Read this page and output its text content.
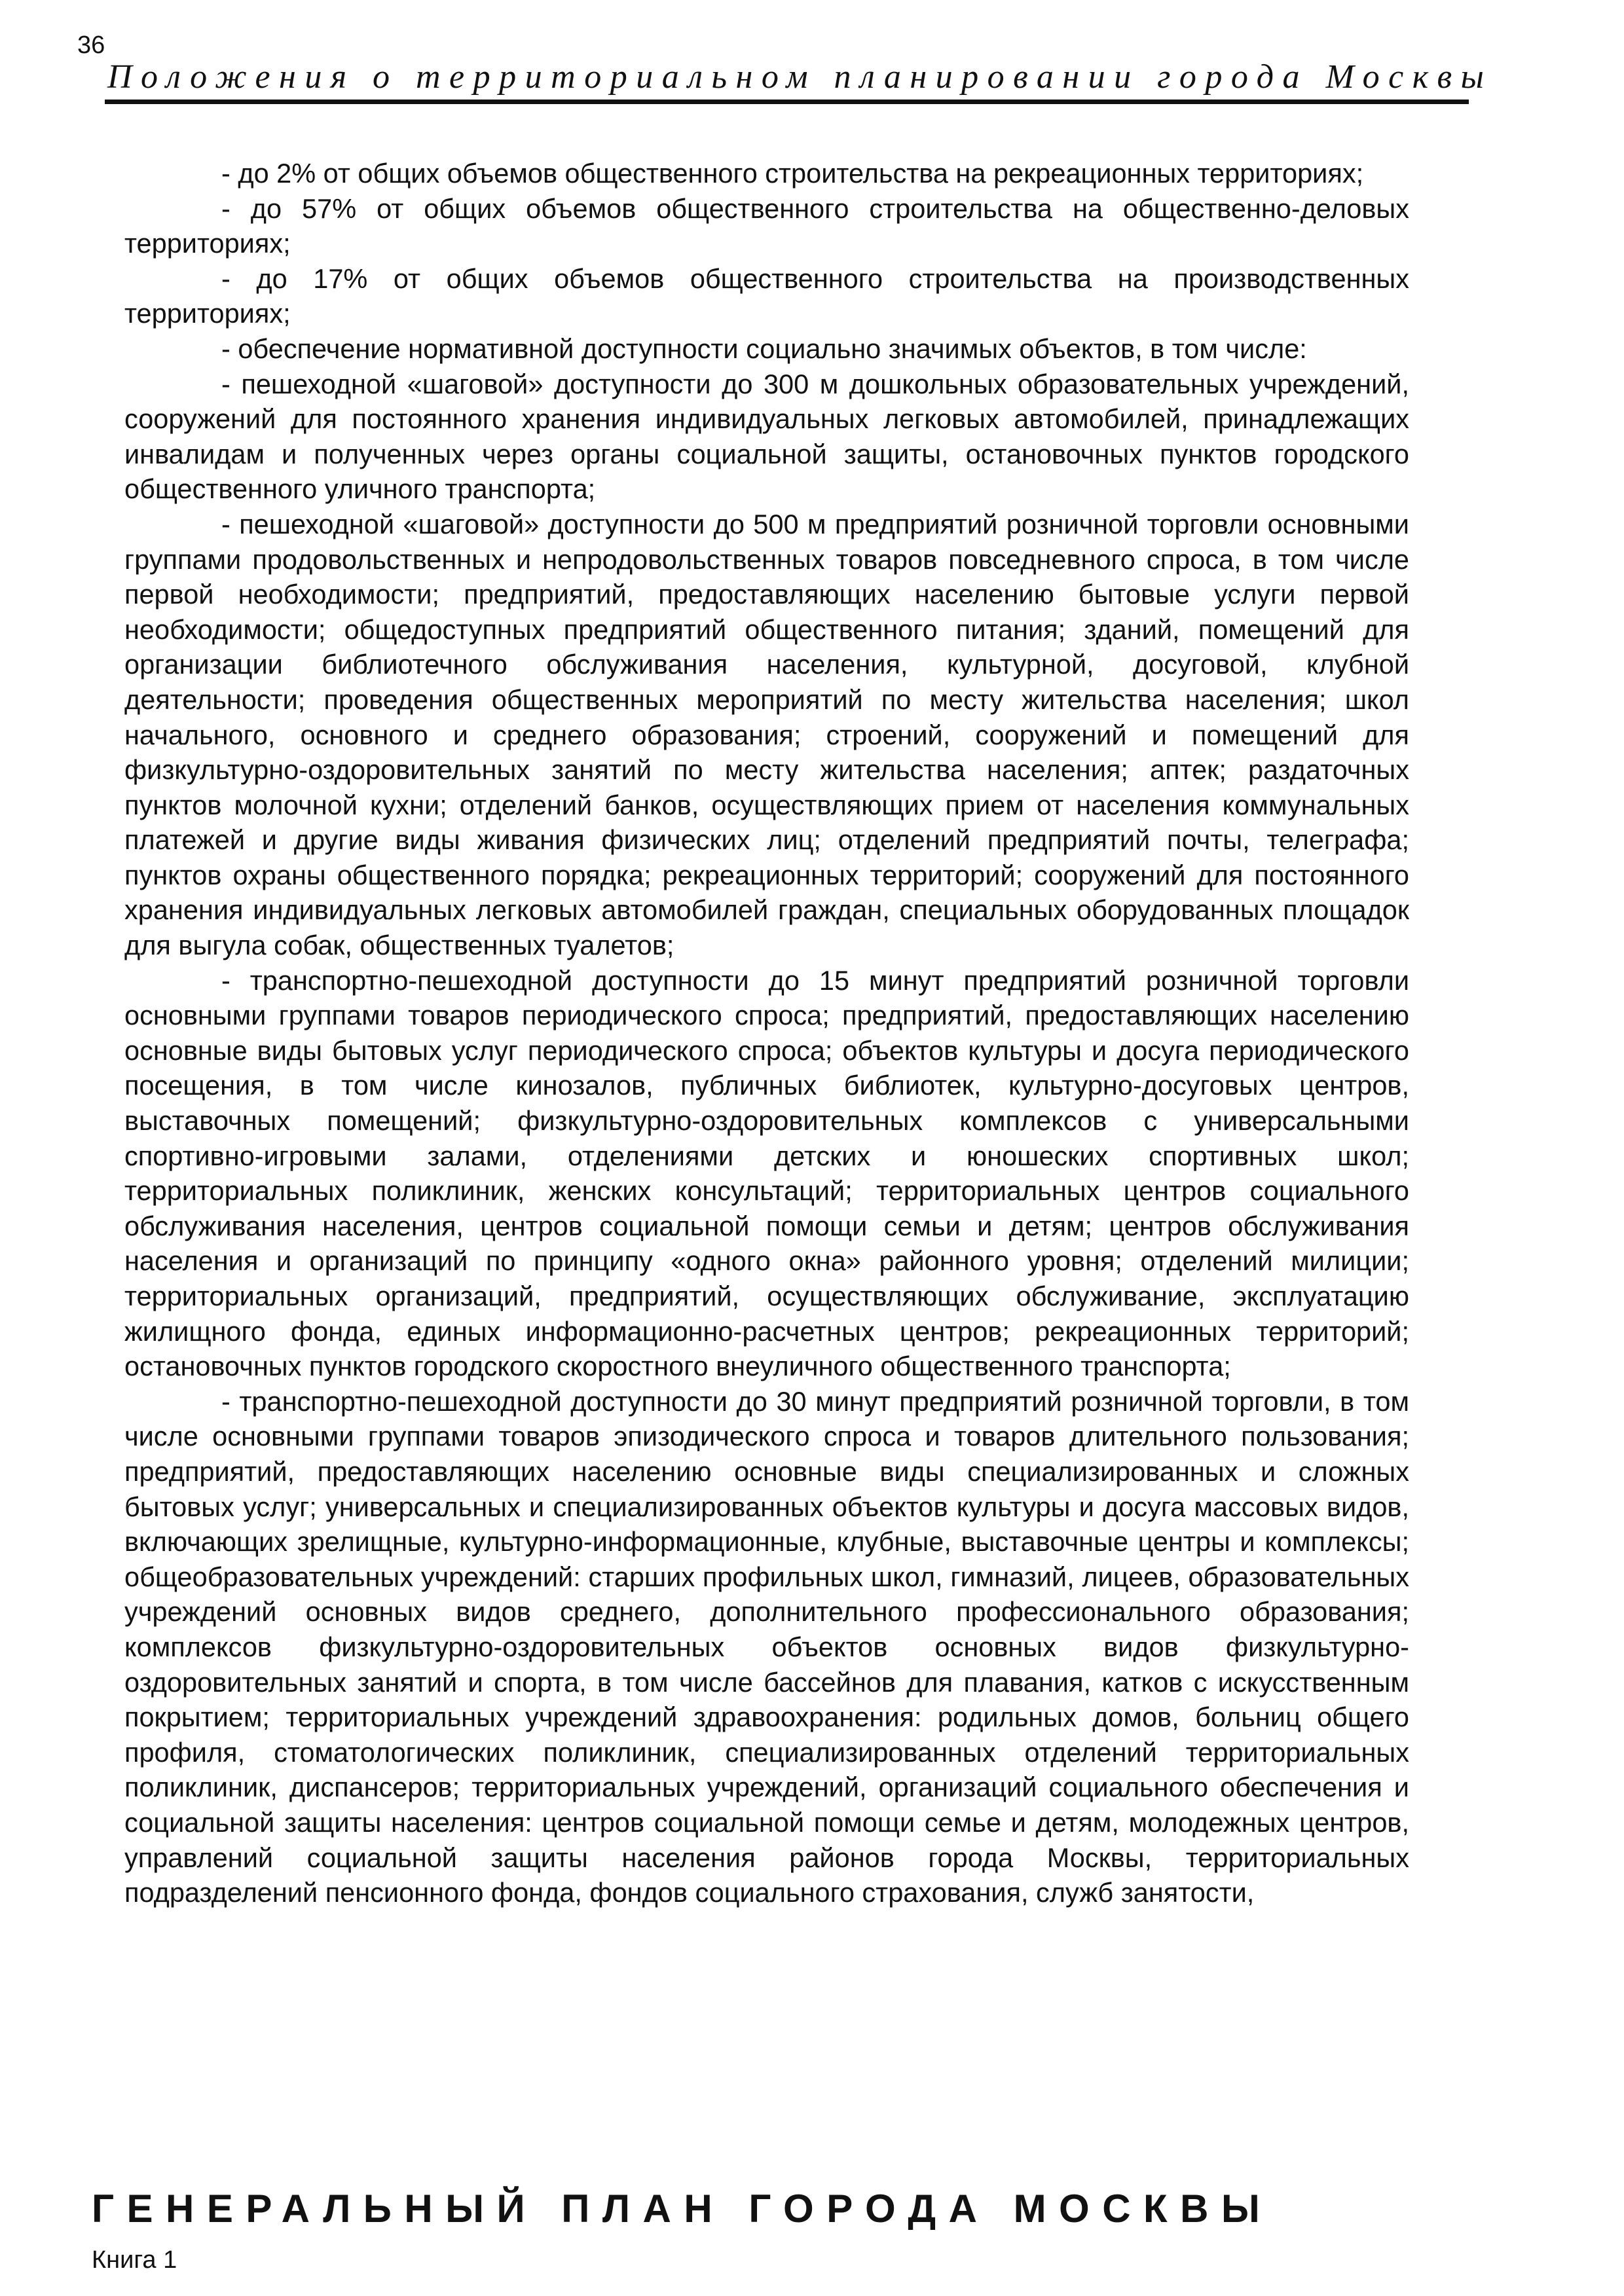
36
Положения о территориальном планировании города Москвы

- до 2% от общих объемов общественного строительства на рекреационных территориях;

- до 57% от общих объемов общественного строительства на общественно-деловых территориях;

- до 17% от общих объемов общественного строительства на производственных территориях;

- обеспечение нормативной доступности социально значимых объектов, в том числе:

- пешеходной «шаговой» доступности до 300 м дошкольных образовательных учреждений, сооружений для постоянного хранения индивидуальных легковых автомобилей, принадлежащих инвалидам и полученных через органы социальной защиты, остановочных пунктов городского общественного уличного транспорта;

- пешеходной «шаговой» доступности до 500 м предприятий розничной торговли основными группами продовольственных и непродовольственных товаров повседневного спроса, в том числе первой необходимости; предприятий, предоставляющих населению бытовые услуги первой необходимости; общедоступных предприятий общественного питания; зданий, помещений для организации библиотечного обслуживания населения, культурной, досуговой, клубной деятельности; проведения общественных мероприятий по месту жительства населения; школ начального, основного и среднего образования; строений, сооружений и помещений для физкультурно-оздоровительных занятий по месту жительства населения; аптек; раздаточных пунктов молочной кухни; отделений банков, осуществляющих прием от населения коммунальных платежей и другие виды живания физических лиц; отделений предприятий почты, телеграфа; пунктов охраны общественного порядка; рекреационных территорий; сооружений для постоянного хранения индивидуальных легковых автомобилей граждан, специальных оборудованных площадок для выгула собак, общественных туалетов;

- транспортно-пешеходной доступности до 15 минут предприятий розничной торговли основными группами товаров периодического спроса; предприятий, предоставляющих населению основные виды бытовых услуг периодического спроса; объектов культуры и досуга периодического посещения, в том числе кинозалов, публичных библиотек, культурно-досуговых центров, выставочных помещений; физкультурно-оздоровительных комплексов с универсальными спортивно-игровыми залами, отделениями детских и юношеских спортивных школ; территориальных поликлиник, женских консультаций; территориальных центров социального обслуживания населения, центров социальной помощи семьи и детям; центров обслуживания населения и организаций по принципу «одного окна» районного уровня; отделений милиции; территориальных организаций, предприятий, осуществляющих обслуживание, эксплуатацию жилищного фонда, единых информационно-расчетных центров; рекреационных территорий; остановочных пунктов городского скоростного внеуличного общественного транспорта;

- транспортно-пешеходной доступности до 30 минут предприятий розничной торговли, в том числе основными группами товаров эпизодического спроса и товаров длительного пользования; предприятий, предоставляющих населению основные виды специализированных и сложных бытовых услуг; универсальных и специализированных объектов культуры и досуга массовых видов, включающих зрелищные, культурно-информационные, клубные, выставочные центры и комплексы; общеобразовательных учреждений: старших профильных школ, гимназий, лицеев, образовательных учреждений основных видов среднего, дополнительного профессионального образования; комплексов физкультурно-оздоровительных объектов основных видов физкультурно-оздоровительных занятий и спорта, в том числе бассейнов для плавания, катков с искусственным покрытием; территориальных учреждений здравоохранения: родильных домов, больниц общего профиля, стоматологических поликлиник, специализированных отделений территориальных поликлиник, диспансеров; территориальных учреждений, организаций социального обеспечения и социальной защиты населения: центров социальной помощи семье и детям, молодежных центров, управлений социальной защиты населения районов города Москвы, территориальных подразделений пенсионного фонда, фондов социального страхования, служб занятости,

ГЕНЕРАЛЬНЫЙ ПЛАН ГОРОДА МОСКВЫ
Книга 1
